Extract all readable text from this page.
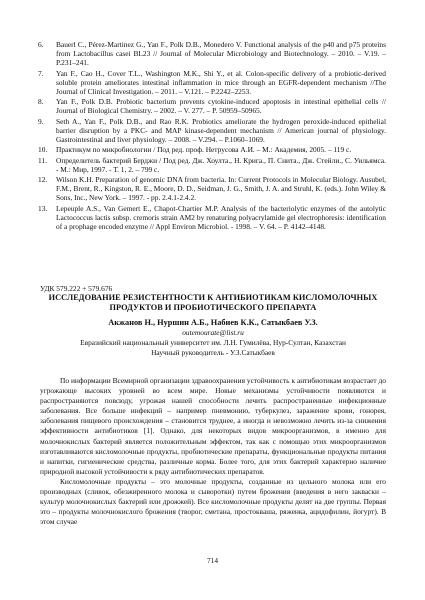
6. Bauerl C., Pérez-Martinez G., Yan F., Polk D.B., Monedero V. Functional analysis of the p40 and p75 proteins from Lactobacillus casei BL23 // Journal of Molecular Microbiology and Biotechnology. – 2010. – V.19. – P.231–241.
7. Yan F., Cao H., Cover T.L., Washington M.K., Shi Y., et al. Colon-specific delivery of a probiotic-derived soluble protein ameliorates intestinal inflammation in mice through an EGFR-dependent mechanism //The Journal of Clinical Investigation. – 2011. – V.121. – P.2242–2253.
8. Yan F., Polk D.B. Probiotic bacterium prevents cytokine-induced apoptosis in intestinal epithelial cells // Journal of Biological Chemistry. – 2002. – V. 277. – P. 50959–50965.
9. Seth A., Yan F., Polk D.B., and Rao R.K. Probiotics ameliorate the hydrogen peroxide-induced epithelial barrier disruption by a PKC- and MAP kinase-dependent mechanism // American journal of physiology. Gastrointestinal and liver physiology. – 2008. – V.294. – P.1060–1069.
10. Практикум по микробиологии / Под ред. проф. Нетрусова А.И. – М.: Академия, 2005. – 119 с.
11. Определитель бактерий Берджи / Под ред. Дж. Хоулта., Н. Крига., П. Снита., Дж. Стейли., С. Уильямса. - М.: Мир, 1997. - Т. 1, 2. – 799 с.
12. Wilson K.H. Preparation of genomic DNA from bacteria. In: Current Protocols in Molecular Biology. Ausubel, F.M., Brent, R., Kingston, R. E., Moore, D. D., Seidman, J. G., Smith, J. A. and Struhl, K. (eds.). John Wiley & Sons, Inc., New York. – 1997. - pp. 2.4.1-2.4.2.
13. Lepeuple A.S., Van Gemert E., Chapot-Chartier M.P. Analysis of the bacteriolytic enzymes of the autolytic Lactococcus lactis subsp. cremoris strain AM2 by renaturing polyacrylamide gel electrophoresis: identification of a prophage encoded enzyme // Appl Environ Microbiol. - 1998. – V. 64. – P. 4142–4148.
УДК 579.222 + 579.676
ИССЛЕДОВАНИЕ РЕЗИСТЕНТНОСТИ К АНТИБИОТИКАМ КИСЛОМОЛОЧНЫХ ПРОДУКТОВ И ПРОБИОТИЧЕСКОГО ПРЕПАРАТА
Акжанов Н., Нуршин А.Б., Набиев К.К., Сатыкбаев У.З.
outemourate@list.ru
Евразийский национальный университет им. Л.Н. Гумилёва, Нур-Султан, Казахстан
Научный руководитель - У.З.Сатыкбаев

По информации Всемирной организации здравоохранения устойчивость к антибиотикам возрастает до угрожающе высоких уровней во всем мире. Новые механизмы устойчивости появляются и распространяются повсюду, угрожая нашей способности лечить распространенные инфекционные заболевания. Все больше инфекций – например пневмонию, туберкулез, заражение крови, гонорея, заболевания пищевого происхождения – становится труднее, а иногда и невозможно лечить из-за снижения эффективности антибиотиков [1]. Однако, для некоторых видов микроорганизмов, в именно для молочнокислых бактерий является положительным эффектом, так как с помощью этих микроорганизмов изготавливаются кисломолочные продукты, пробиотические препараты, функциональные продукты питания и напитки, гигиенические средства, различные корма. Более того, для этих бактерий характерно наличие природной высокой устойчивости к ряду антибиотических препаратов.

Кисломолочные продукты – это молочные продукты, созданные из цельного молока или его производных (сливок, обезжиренного молока и сыворотки) путем брожения (введения в него закваски – культур молочнокислых бактерий или дрожжей). Все кисломолочные продукты делят на две группы. Первая это – продукты молочнокислого брожения (творог, сметана, простокваша, ряженка, ацидофилин, йогурт). В этом случае

714
